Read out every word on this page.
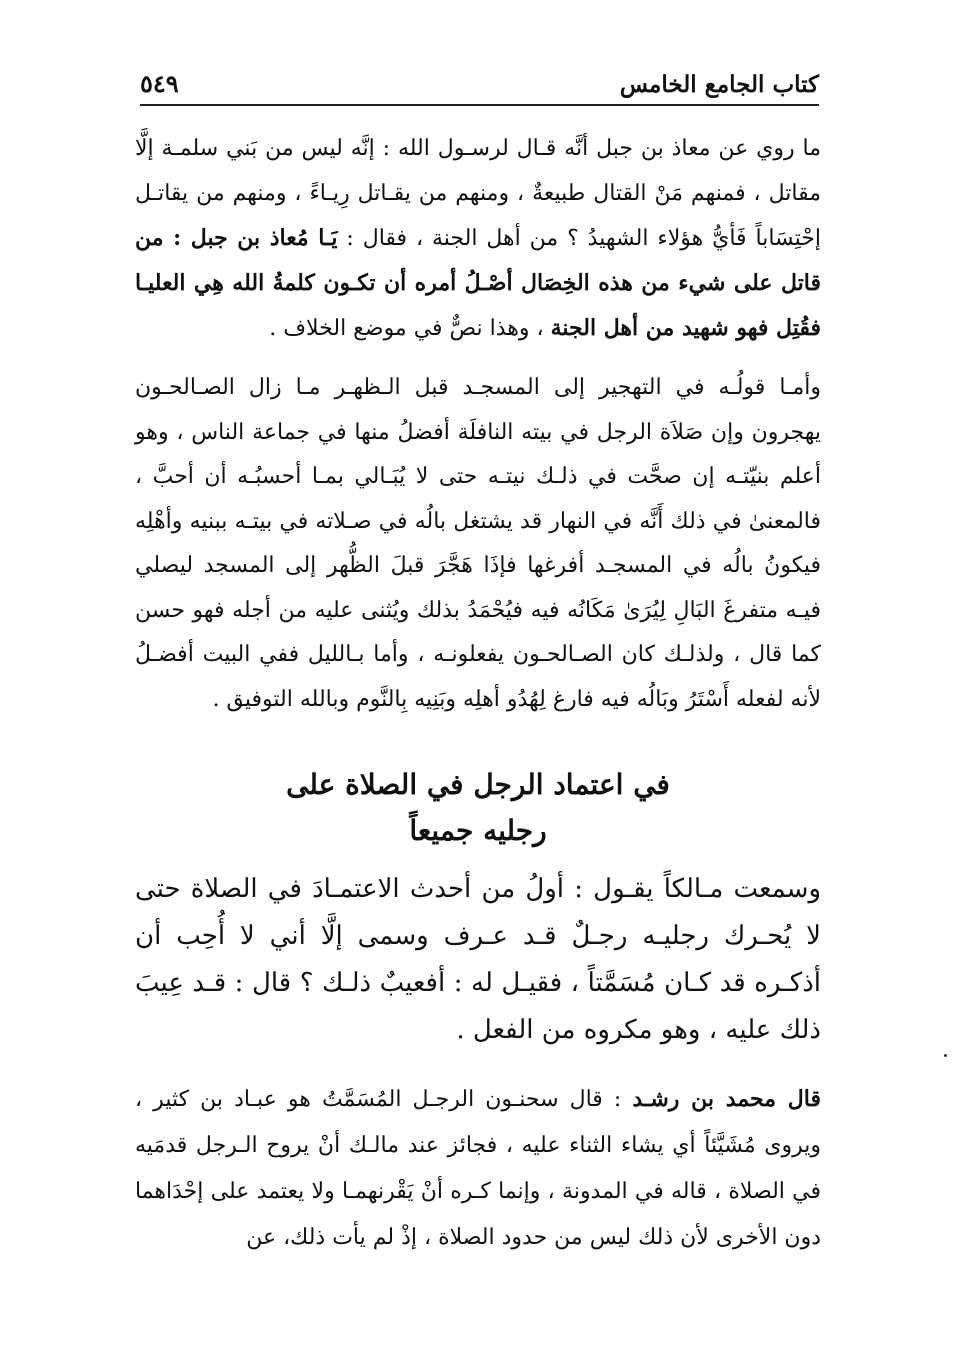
كتاب الجامع الخامس
٥٤٩
ما روي عن معاذ بن جبل أنَّه قـال لرسـول الله : إنَّه ليس من بَني سلمـة إلَّا مقاتل ، فمنهم مَنْ القتال طبيعةٌ ، ومنهم من يقـاتل رِيـاءً ، ومنهم من يقاتـل إحْتِسَاباً فَأيُّ هؤلاء الشهيدُ ؟ من أهل الجنة ، فقال : يَـا مُعاذ بن جبل : من قاتل على شيء من هذه الخِصَال أصْـلُ أمره أن تكـون كلمةُ الله هِي العليـا فقُتِل فهو شهيد من أهل الجنة ، وهذا نصٌّ في موضع الخلاف .
وأمـا قولُـه في التهجير إلى المسجـد قبل الـظهـر مـا زال الصـالحـون يهجرون وإن صَلاَة الرجل في بيته النافلَة أفضلُ منها في جماعة الناس ، وهو أعلم بنيّتـه إن صحَّت في ذلـك نيتـه حتى لا يُبَـالي بمـا أحسبُـه أن أحبَّ ، فالمعنىٰ في ذلك أَنَّه في النهار قد يشتغل بالُه في صـلاته في بيتـه ببنيه وأهْلِه فيكونُ بالُه في المسجـد أفرغها فإذَا هَجَّرَ قبلَ الظُّهر إلى المسجد ليصلي فيـه متفرغَ البَالِ لِيُرَىٰ مَكَانُه فيه فيُحْمَدُ بذلك ويُثنى عليه من أجله فهو حسن كما قال ، ولذلـك كان الصـالحـون يفعلونـه ، وأما بـالليل ففي البيت أفضـلُ لأنه لفعله أَسْتَرُ وبَالُه فيه فارغ لِهُدُو أهلِه وبَنِيه بِالنَّوم وبالله التوفيق .
في اعتماد الرجل في الصلاة على
رجليه جميعاً
وسمعت مـالكاً يقـول : أولُ من أحدث الاعتمـادَ في الصلاة حتى لا يُحـرك رجليـه رجـلٌ قـد عـرف وسمى إلَّا أني لا أُحِب أن أذكـره قد كـان مُسَمَّتاً ، فقيـل له : أفعيبٌ ذلـك ؟ قال : قـد عِيبَ ذلك عليه ، وهو مكروه من الفعل .
قال محمد بن رشـد : قال سحنـون الرجـل المُسَمَّتُ هو عبـاد بن كثير ، ويروى مُشَيَّئاً أي يشاء الثناء عليه ، فجائز عند مالـك أنْ يروح الـرجل قدمَيه في الصلاة ، قاله في المدونة ، وإنما كـره أنْ يَقْرنهمـا ولا يعتمد على إحْدَاهما دون الأخرى لأن ذلك ليس من حدود الصلاة ، إذْ لم يأت ذلك، عن
